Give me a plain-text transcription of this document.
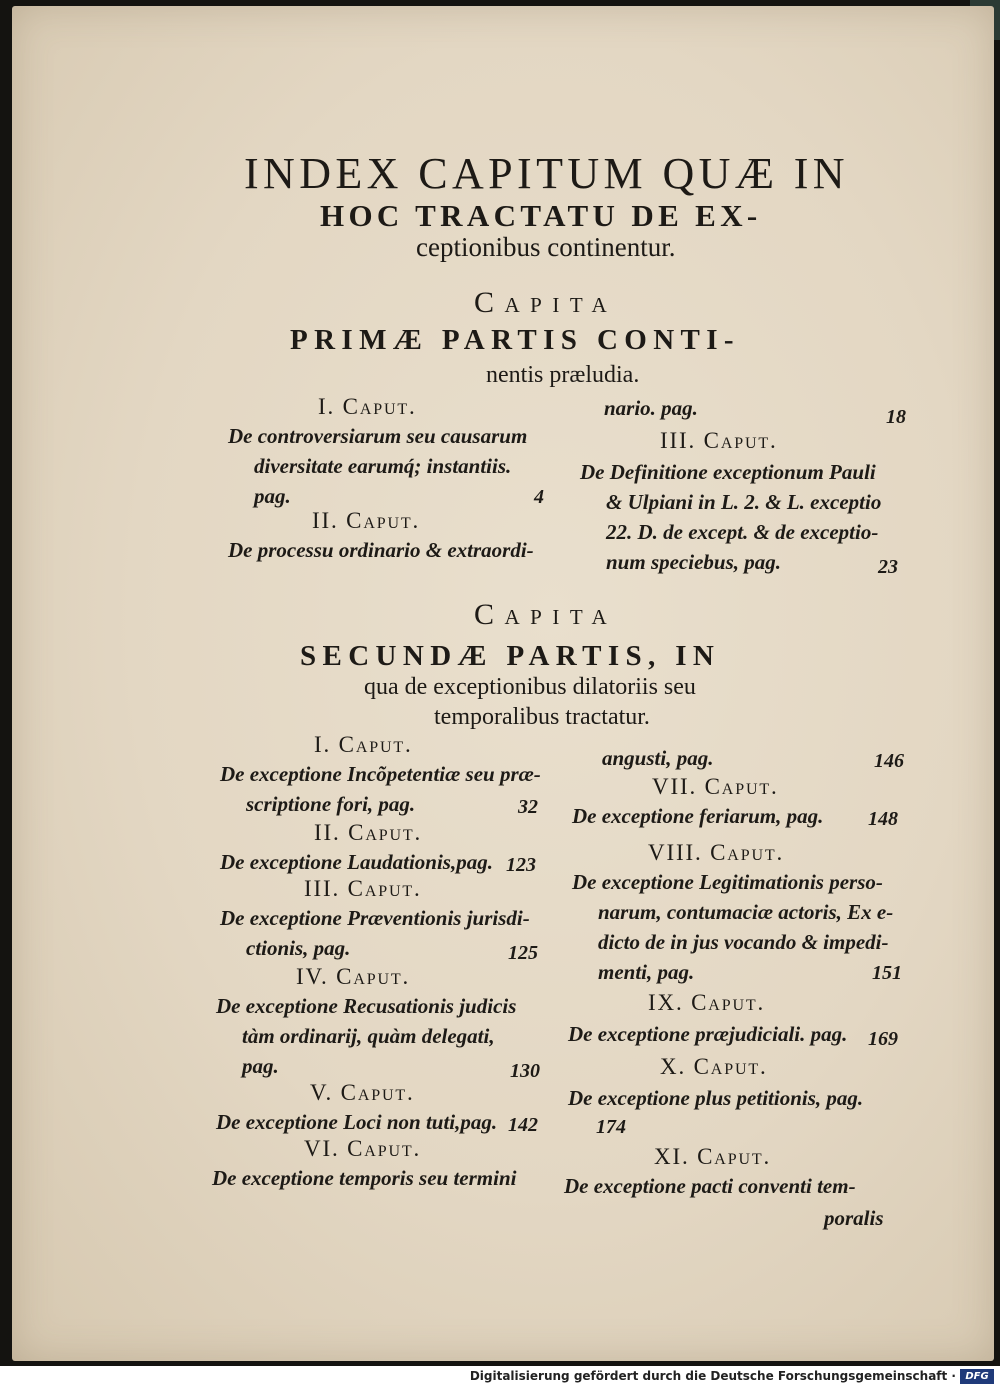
INDEX CAPITUM QUÆ IN
HOC TRACTATU DE EX-
ceptionibus continentur.
Capita
PRIMÆ PARTIS CONTI-
nentis præludia.
I. Caput.
De controversiarum seu causarum
diversitate earumq́; instantiis.
pag.	4
II. Caput.
De processu ordinario & extraordi-
nario. pag.	18
III. Caput.
De Definitione exceptionum Pauli
& Ulpiani in L. 2. & L. exceptio
22. D. de except. & de exceptio-
num speciebus, pag.	23
Capita
SECUNDÆ PARTIS, IN
qua de exceptionibus dilatoriis seu
temporalibus tractatur.
I. Caput.
De exceptione Incõpetentiæ seu præ-
scriptione fori, pag.	32
II. Caput.
De exceptione Laudationis,pag. 123
III. Caput.
De exceptione Præventionis jurisdi-
ctionis, pag.	125
IV. Caput.
De exceptione Recusationis judicis
tàm ordinarij, quàm delegati,
pag.	130
V. Caput.
De exceptione Loci non tuti,pag. 142
VI. Caput.
De exceptione temporis seu termini
angusti, pag.	146
VII. Caput.
De exceptione feriarum, pag. 148
VIII. Caput.
De exceptione Legitimationis perso-
narum, contumaciæ actoris, Ex e-
dicto de in jus vocando & impedi-
menti, pag.	151
IX. Caput.
De exceptione præjudiciali. pag. 169
X. Caput.
De exceptione plus petitionis, pag.
174
XI. Caput.
De exceptione pacti conventi tem-
poralis
Digitalisierung gefördert durch die Deutsche Forschungsgemeinschaft · DFG
